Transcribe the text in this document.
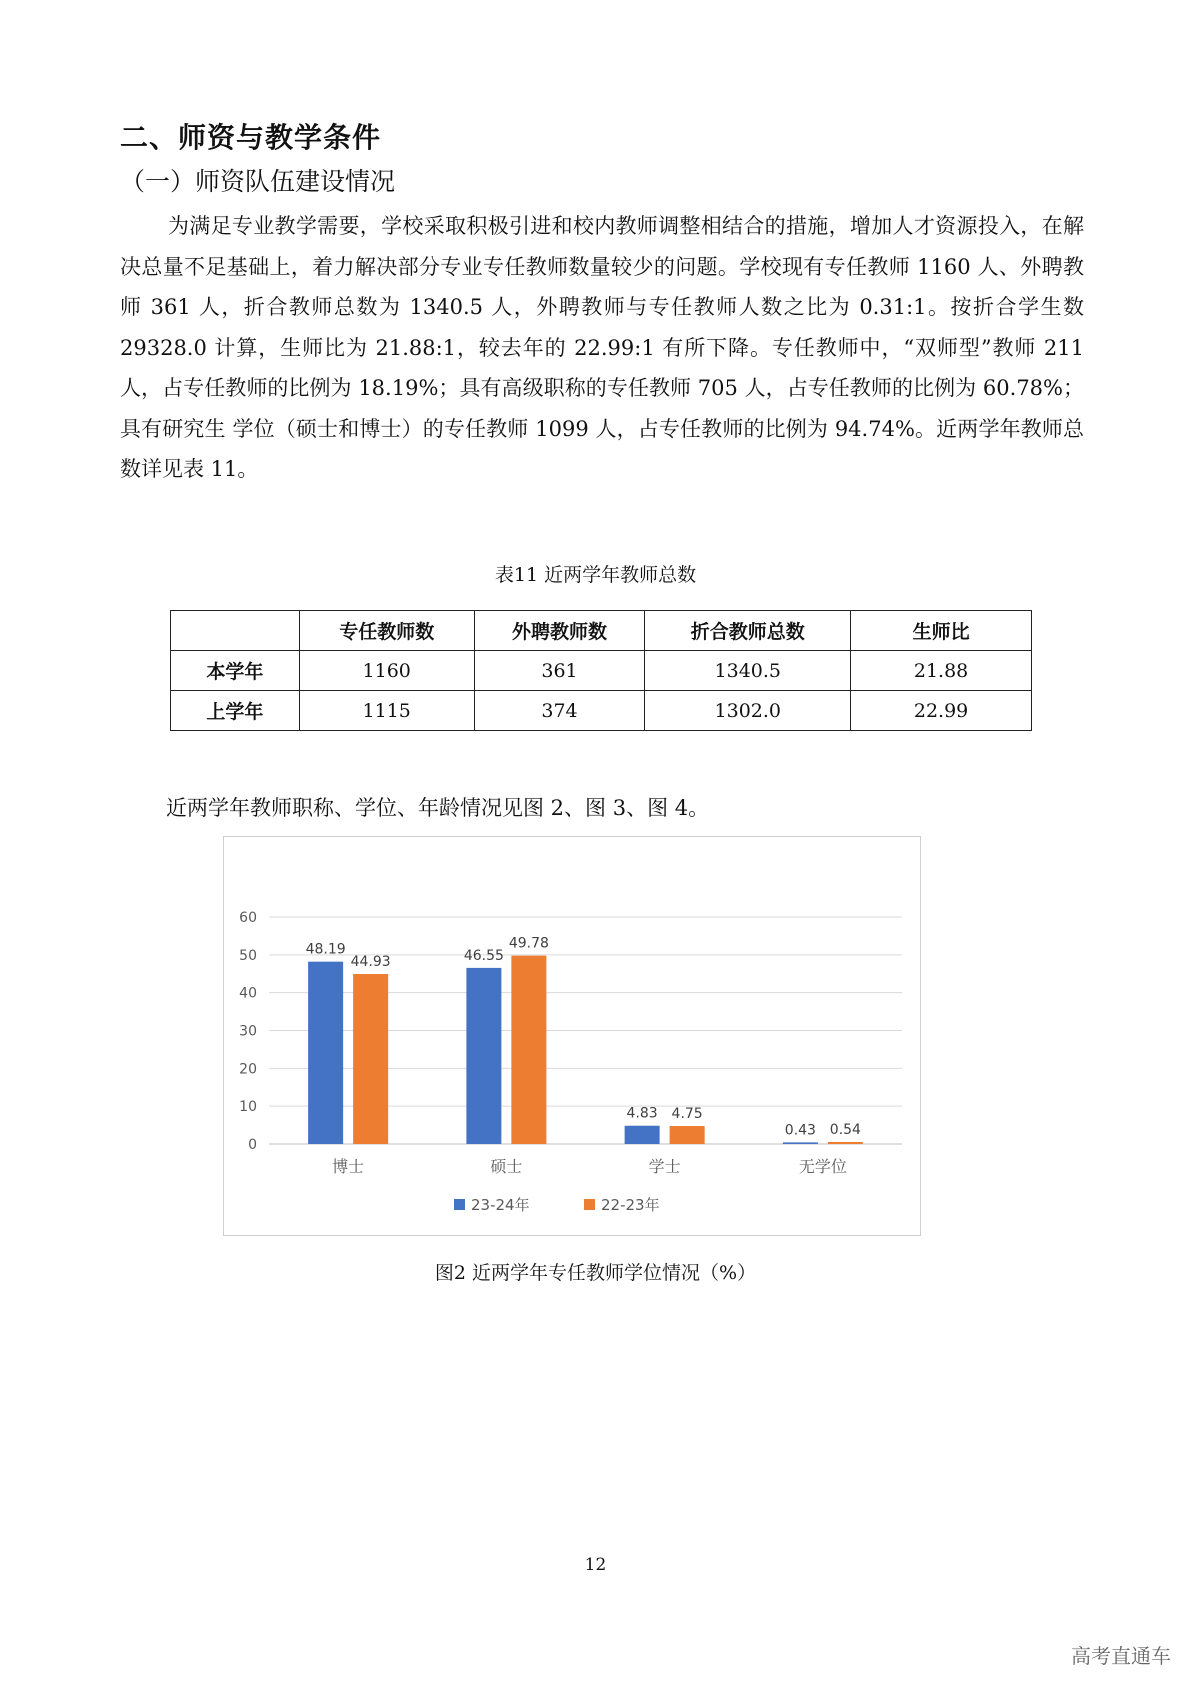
二、师资与教学条件
（一）师资队伍建设情况
为满足专业教学需要，学校采取积极引进和校内教师调整相结合的措施，增加人才资源投入，在解决总量不足基础上，着力解决部分专业专任教师数量较少的问题。学校现有专任教师 1160 人、外聘教师 361 人，折合教师总数为 1340.5 人，外聘教师与专任教师人数之比为 0.31:1。按折合学生数 29328.0 计算，生师比为 21.88:1，较去年的 22.99:1 有所下降。专任教师中，“双师型”教师 211 人，占专任教师的比例为 18.19%；具有高级职称的专任教师 705 人，占专任教师的比例为 60.78%；具有研究生 学位（硕士和博士）的专任教师 1099 人，占专任教师的比例为 94.74%。近两学年教师总数详见表 11。
表11 近两学年教师总数
	专任教师数	外聘教师数	折合教师总数	生师比
本学年	1160	361	1340.5	21.88
上学年	1115	374	1302.0	22.99
近两学年教师职称、学位、年龄情况见图 2、图 3、图 4。
0
10
20
30
40
50
60
48.19
44.93
博士
46.55
49.78
硕士
4.83 4.75
学士
0.43 0.54
无学位
23-24年	22-23年
图2 近两学年专任教师学位情况（%）
12
高考直通车
